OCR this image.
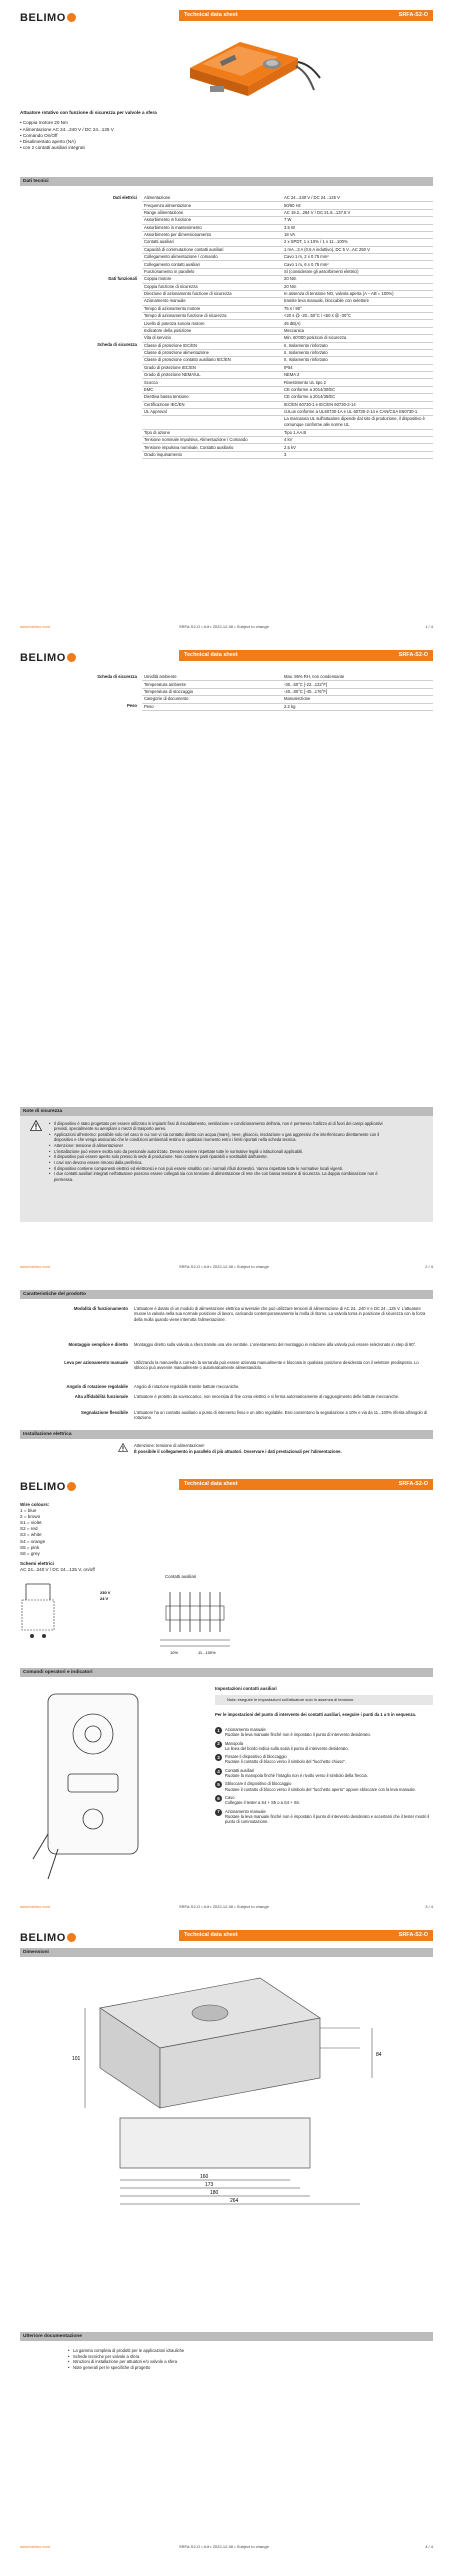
BELIMO	Technical data sheet	SRFA-S2-O
Attuatore rotativo con funzione di sicurezza per valvole a sfera
• Coppia motore 20 Nm
• Alimentazione AC 24...240 V / DC 24...125 V
• Comando On/Off
• Disalimentato aperto (NA)
• con 2 contatti ausiliari integrati
Dati tecnici
Dati elettrici	Alimentazione	AC 24...240 V / DC 24...125 V
	Frequenza alimentazione	50/60 Hz
	Range alimentazione	AC 19.2...264 V / DC 21.6...137.5 V
	Assorbimento in funzione	7 W
	Assorbimento in mantenimento	3.5 W
	Assorbimento per dimensionamento	18 VA
	Contatti ausiliari	2 x SPDT, 1 x 10% / 1 x 11...100%
	Capacità di commutazione contatti ausiliari	1 mA...3 A (0.5 A induttivo), DC 5 V...AC 250 V
	Collegamento alimentazione / comando	Cavo 1 m, 2 x 0.75 mm²
	Collegamento contatti ausiliari	Cavo 1 m, 6 x 0.75 mm²
	Funzionamento in parallelo	Sì (considerare gli assorbimenti elettrici)
Dati funzionali	Coppia motore	20 Nm
	Coppia funzione di sicurezza	20 Nm
	Direzione di azionamento funzione di sicurezza	In assenza di tensione NO, valvola aperta (A – AB = 100%)
	Azionamento manuale	tramite leva manuale, bloccabile con selettore
	Tempo di azionamento motore	75 s / 90°
	Tempo di azionamento funzione di sicurezza	<20 s @ -20...50°C / <60 s @ -30°C
	Livello di potenza sonora motore	45 dB(A)
	Indicatore della posizione	Meccanica
	Vita di servizio	Min. 60'000 posizioni di sicurezza
Scheda di sicurezza	Classe di protezione IEC/EN	II, Isolamento rinforzato
	Classe di protezione alimentazione	II, Isolamento rinforzato
	Classe di protezione contatto ausiliario IEC/EN	II, Isolamento rinforzato
	Grado di protezione IEC/EN	IP54
	Grado di protezione NEMA/UL	NEMA 2
	Scocca	Rivestimento UL tipo 2
	EMC	CE conforme a 2014/30/EC
	Direttiva bassa tensione	CE conforme a 2014/35/EC
	Certificazione IEC/EN	IEC/EN 60730-1 e IEC/EN 60730-2-14
	UL Approval	cULus conforme a UL60730-1A e UL 60730-2-14 e CAN/CSA E60730-1
		La marcatura UL sull'attuatore dipende dal sito di produzione, il dispositivo è comunque conforme alle norme UL
	Tipo di azione	Tipo 1.AA.B
	Tensione nominale impulsiva, Alimentazione / Comando	4 kV
	Tensione impulsiva nominale, Contatto ausiliario	2.5 kV
	Grado inquinamento	3
www.belimo.com	SRFA-S2-O • it-it • 2022-12-06 • Subject to change	1 / 4
BELIMO	Technical data sheet	SRFA-S2-O
Scheda di sicurezza	Umidità ambiente	Max. 95% RH, non condensante
	Temperatura ambiente	-30...50°C [-22...122°F]
	Temperatura di stoccaggio	-40...80°C [-40...176°F]
	Categorie di documento	Manutenzione
Peso	Peso	2.2 kg
Note di sicurezza
• Il dispositivo è stato progettato per essere utilizzato in impianti fissi di riscaldamento, ventilazione e condizionamento dell'aria, non è permesso l'utilizzo al di fuori dei campi applicativi previsti, specialmente su aeroplani o mezzi di trasporto aereo.
• Applicazioni all'esterno: possibile solo nel caso in cui non vi sia contatto diretto con acqua (mare), neve, ghiaccio, insolazione o gas aggressivi che interferiscano direttamente con il dispositivo e che venga assicurato che le condizioni ambientali restino in qualsiasi momento entro i limiti riportati nella scheda tecnica.
• Attenzione: tensione di alimentazione!
• L'installazione può essere svolta solo da personale autorizzato. Devono essere rispettate tutte le normative legali o istituzionali applicabili.
• Il dispositivo può essere aperto solo presso la sede di produzione. Non contiene parti riparabili o sostituibili dall'utente.
• I cavi non devono essere rimossi dalla periferica.
• Il dispositivo contiene componenti elettrici ed elettronici e non può essere smaltito con i normali rifiuti domestici. Vanno rispettate tutte le normative locali vigenti.
• I due contatti ausiliari integrati nell'attuatore possono essere collegati sia con tensione di alimentazione di rete che con bassa tensione di sicurezza. La doppia combinazione non è permessa.
www.belimo.com	SRFA-S2-O • it-it • 2022-12-06 • Subject to change	2 / 4
Caratteristiche del prodotto
Modalità di funzionamento	L'attuatore è dotato di un modulo di alimentazione elettrica universale che può utilizzare tensioni di alimentazione di AC 24...240 V e DC 24...125 V. L'attuatore muove la valvola nella sua normale posizione di lavoro, caricando contemporaneamente la molla di ritorno. La valvola torna in posizione di sicurezza con la forza della molla quando viene interrotta l'alimentazione.
Montaggio semplice e diretto	Montaggio diretto sulla valvola a sfera tramite una vite centrale. L'orientamento del montaggio in relazione alla valvola può essere selezionato in step di 90°.
Leva per azionamento manuale	Utilizzando la manovella a corredo la serranda può essere azionata manualmente e bloccata in qualsiasi posizione desiderata con il selettore predisposto. Lo sblocco può avvenire manualmente o automaticamente alimentandolo.
Angolo di rotazione regolabile	Angolo di rotazione regolabile tramite battute meccaniche.
Alta affidabilità funzionale	L'attuatore è protetto da sovraccarico, non necessita di fine corsa elettrici e si ferma automaticamente al raggiungimento delle battute meccaniche.
Segnalazione flessibile	L'attuatore ha un contatto ausiliario a punto di intervento fisso e un altro regolabile. Essi consentono la segnalazione a 10% e via da 11...100% riferita all'angolo di rotazione.
Installazione elettrica
Attenzione: tensione di alimentazione!
È possibile il collegamento in parallelo di più attuatori. Osservare i dati prestazionali per l'alimentazione.
BELIMO	Technical data sheet	SRFA-S2-O
Wire colours:
1 = blue
2 = brown
S1 = violet
S2 = red
S3 = white
S4 = orange
S5 = pink
S6 = grey
Schemi elettrici
AC 24...240 V / DC 24...125 V, on/off
Contatti ausiliari
10%	11...100%
230 V
24 V
Comandi operatori e indicatori
Impostazioni contatti ausiliari
Nota: eseguire le impostazioni sull'attuatore solo in assenza di tensione.
Per le impostazioni del punto di intervento dei contatti ausiliari, eseguire i punti da 1 a 5 in sequenza.
1	Azionamento manuale
Ruotare la leva manuale finché non è impostato il punto di intervento desiderato.
2	Manopola
La linea del bordo indica sulla scala il punto di intervento desiderato.
3	Fissare il dispositivo di bloccaggio
Ruotare il contatto di blocco verso il simbolo del "lucchetto chiuso".
4	Contatti ausiliari
Ruotare la manopola finché l'intaglio non è rivolto verso il simbolo della freccia.
5	Sbloccare il dispositivo di bloccaggio
Ruotare il contatto di blocco verso il simbolo del "lucchetto aperto" oppure sbloccare con la leva manuale.
6	Cavo
Collegare il tester a S4 + S5 o a S4 + S6.
7	Azionamento manuale
Ruotare la leva manuale finché non è impostato il punto di intervento desiderato e accertarsi che il tester mostri il punto di commutazione.
www.belimo.com	SRFA-S2-O • it-it • 2022-12-06 • Subject to change	3 / 4
BELIMO	Technical data sheet	SRFA-S2-O
Dimensioni
160
173
180
264
101
84
Ulteriore documentazione
• La gamma completa di prodotti per le applicazioni idrauliche
• Schede tecniche per valvole a sfera
• Istruzioni di installazione per attuatori e/o valvole a sfera
• Note generali per le specifiche di progetto
www.belimo.com	SRFA-S2-O • it-it • 2022-12-06 • Subject to change	4 / 4
